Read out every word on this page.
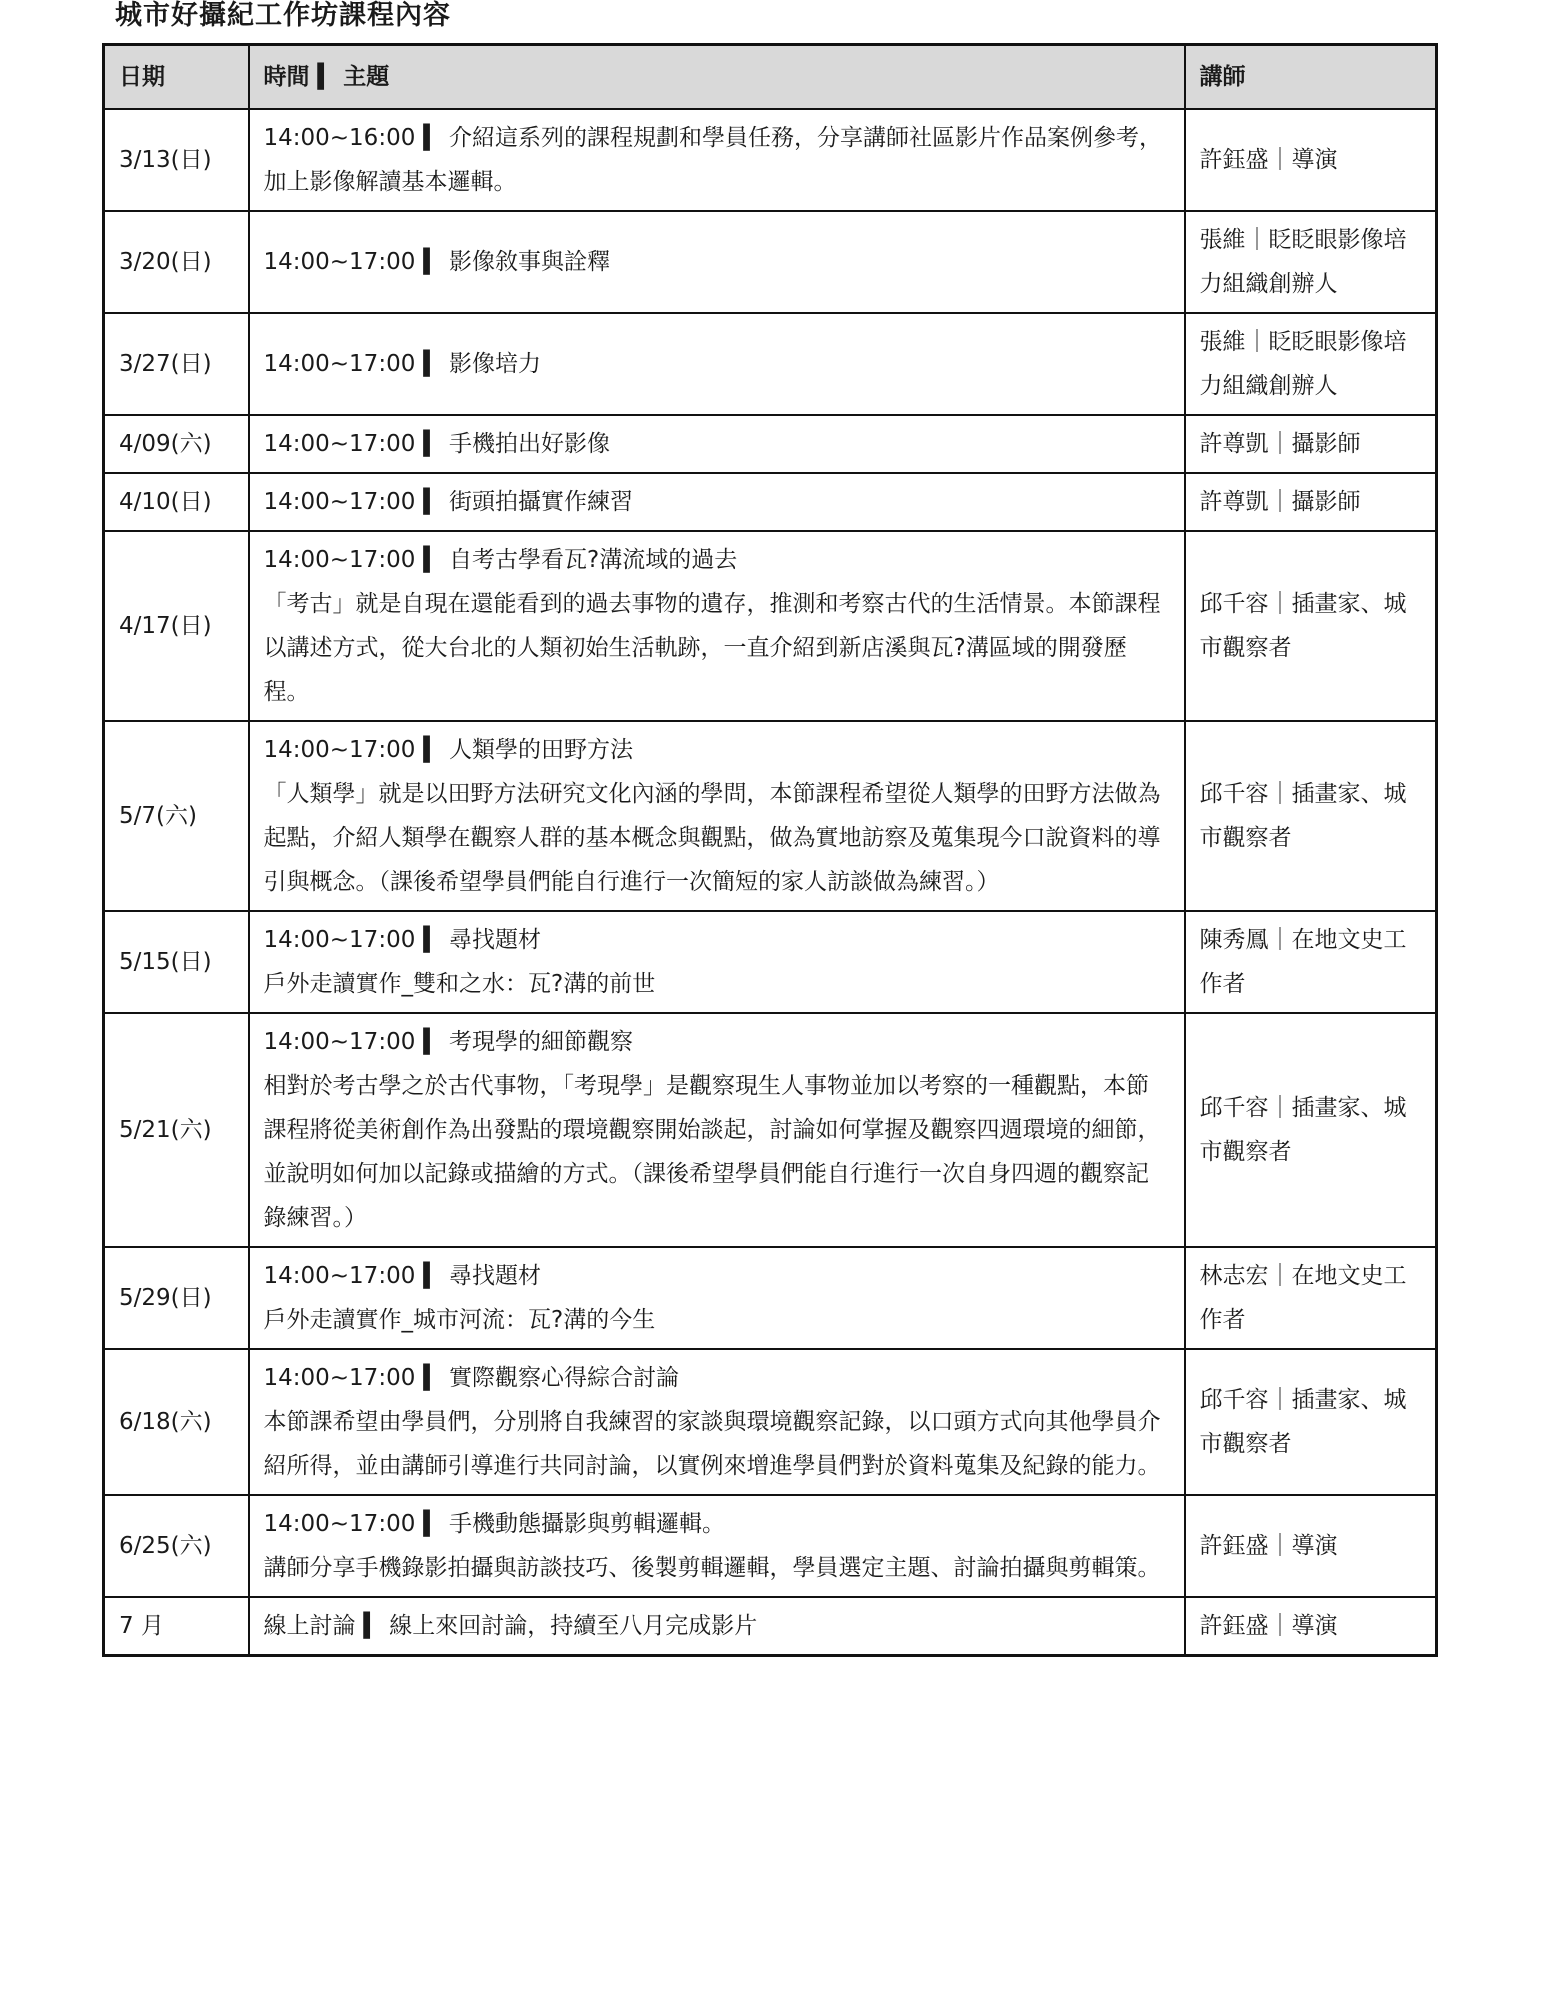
城市好攝紀工作坊課程內容
日期	時間 ▍ 主題	講師
3/13(日)	14:00~16:00 ▍ 介紹這系列的課程規劃和學員任務，分享講師社區影片作品案例參考，加上影像解讀基本邏輯。	許鈺盛｜導演
3/20(日)	14:00~17:00 ▍ 影像敘事與詮釋	張維｜眨眨眼影像培力組織創辦人
3/27(日)	14:00~17:00 ▍ 影像培力	張維｜眨眨眼影像培力組織創辦人
4/09(六)	14:00~17:00 ▍ 手機拍出好影像	許尊凱｜攝影師
4/10(日)	14:00~17:00 ▍ 街頭拍攝實作練習	許尊凱｜攝影師
4/17(日)	14:00~17:00 ▍ 自考古學看瓦?溝流域的過去
「考古」就是自現在還能看到的過去事物的遺存，推測和考察古代的生活情景。本節課程以講述方式，從大台北的人類初始生活軌跡，一直介紹到新店溪與瓦?溝區域的開發歷程。	邱千容｜插畫家、城市觀察者
5/7(六)	14:00~17:00 ▍ 人類學的田野方法
「人類學」就是以田野方法研究文化內涵的學問，本節課程希望從人類學的田野方法做為起點，介紹人類學在觀察人群的基本概念與觀點，做為實地訪察及蒐集現今口說資料的導引與概念。（課後希望學員們能自行進行一次簡短的家人訪談做為練習。）	邱千容｜插畫家、城市觀察者
5/15(日)	14:00~17:00 ▍ 尋找題材
戶外走讀實作_雙和之水：瓦?溝的前世	陳秀鳳｜在地文史工作者
5/21(六)	14:00~17:00 ▍ 考現學的細節觀察
相對於考古學之於古代事物，「考現學」是觀察現生人事物並加以考察的一種觀點，本節課程將從美術創作為出發點的環境觀察開始談起，討論如何掌握及觀察四週環境的細節，並說明如何加以記錄或描繪的方式。（課後希望學員們能自行進行一次自身四週的觀察記錄練習。）	邱千容｜插畫家、城市觀察者
5/29(日)	14:00~17:00 ▍ 尋找題材
戶外走讀實作_城市河流：瓦?溝的今生	林志宏｜在地文史工作者
6/18(六)	14:00~17:00 ▍ 實際觀察心得綜合討論
本節課希望由學員們，分別將自我練習的家談與環境觀察記錄，以口頭方式向其他學員介紹所得，並由講師引導進行共同討論，以實例來增進學員們對於資料蒐集及紀錄的能力。	邱千容｜插畫家、城市觀察者
6/25(六)	14:00~17:00 ▍ 手機動態攝影與剪輯邏輯。
講師分享手機錄影拍攝與訪談技巧、後製剪輯邏輯，學員選定主題、討論拍攝與剪輯策。	許鈺盛｜導演
7 月	線上討論 ▍ 線上來回討論，持續至八月完成影片	許鈺盛｜導演
